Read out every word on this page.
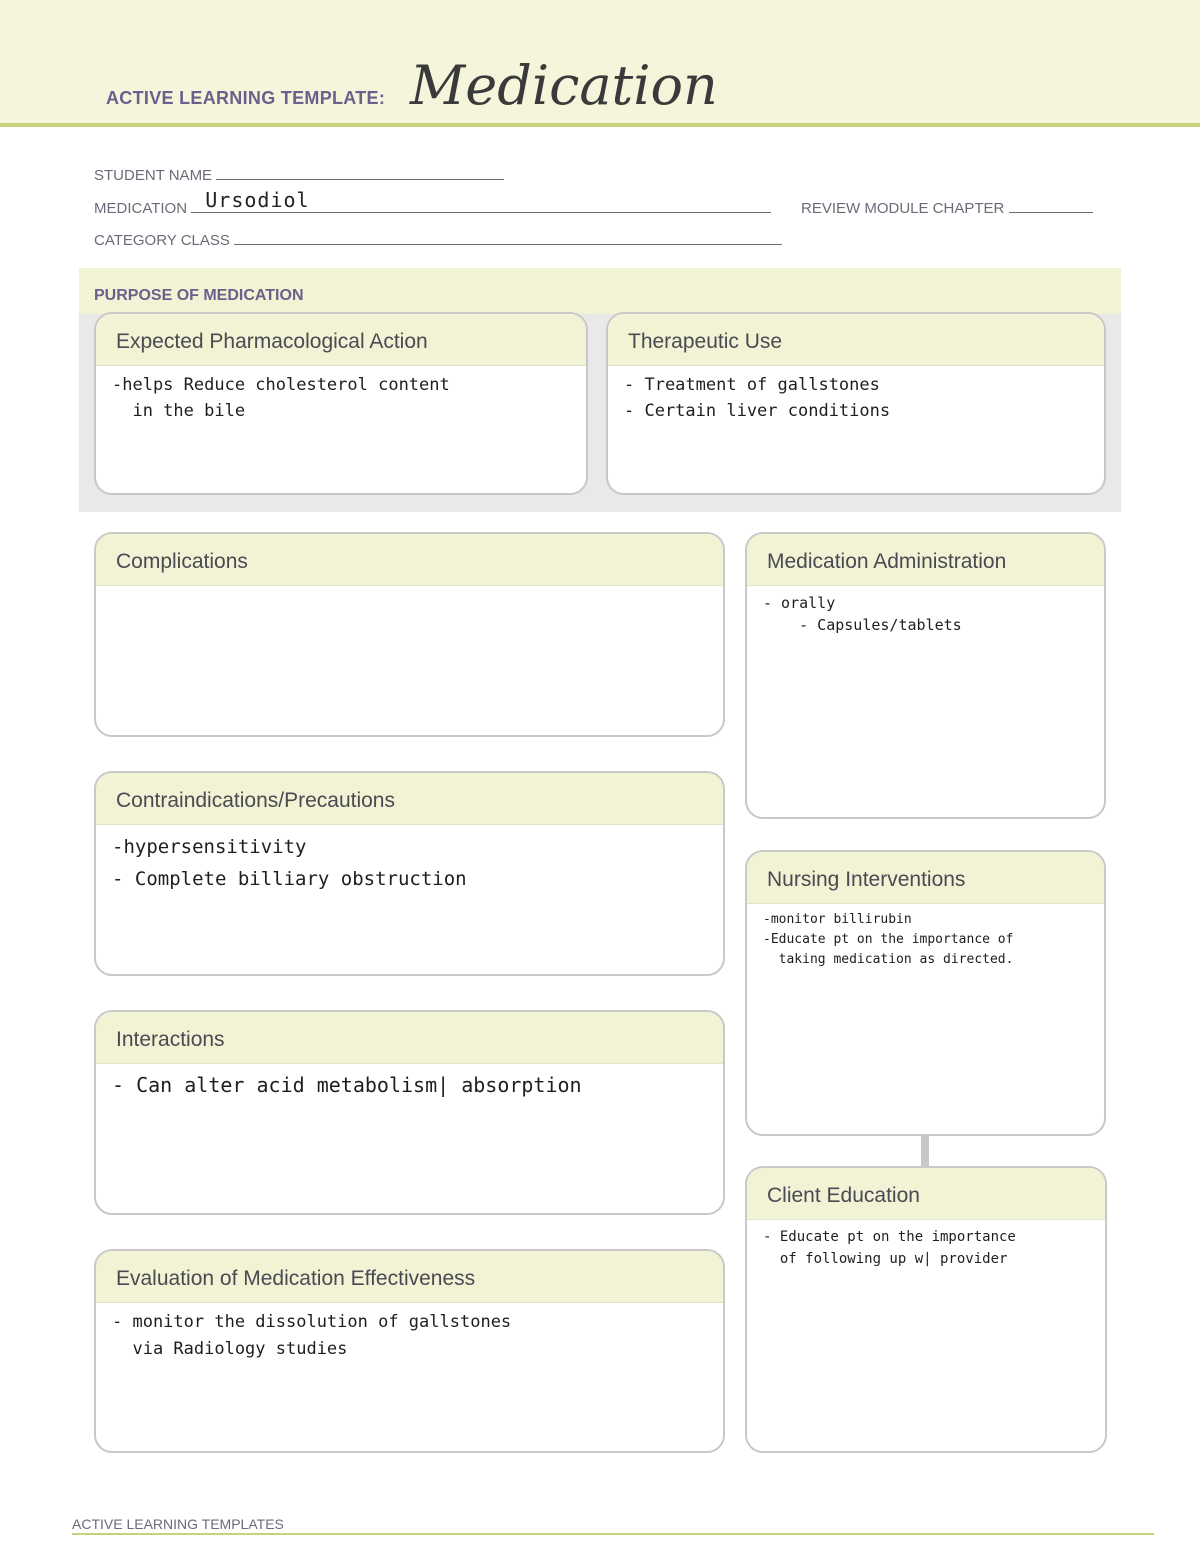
ACTIVE LEARNING TEMPLATE: Medication
STUDENT NAME
MEDICATION Ursodiol	REVIEW MODULE CHAPTER
CATEGORY CLASS
PURPOSE OF MEDICATION
Expected Pharmacological Action
-helps Reduce cholesterol content
in the bile
Therapeutic Use
- Treatment of gallstones
- Certain liver conditions
Complications	Medication Administration
- orally
- Capsules/tablets
Contraindications/Precautions
-hypersensitivity
- Complete billiary obstruction	Nursing Interventions
-monitor billirubin
-Educate pt on the importance of
taking medication as directed.
Interactions
- Can alter acid metabolism| absorption
Client Education
- Educate pt on the importance
of following up w| provider
Evaluation of Medication Effectiveness
- monitor the dissolution of gallstones
via Radiology studies
ACTIVE LEARNING TEMPLATES
